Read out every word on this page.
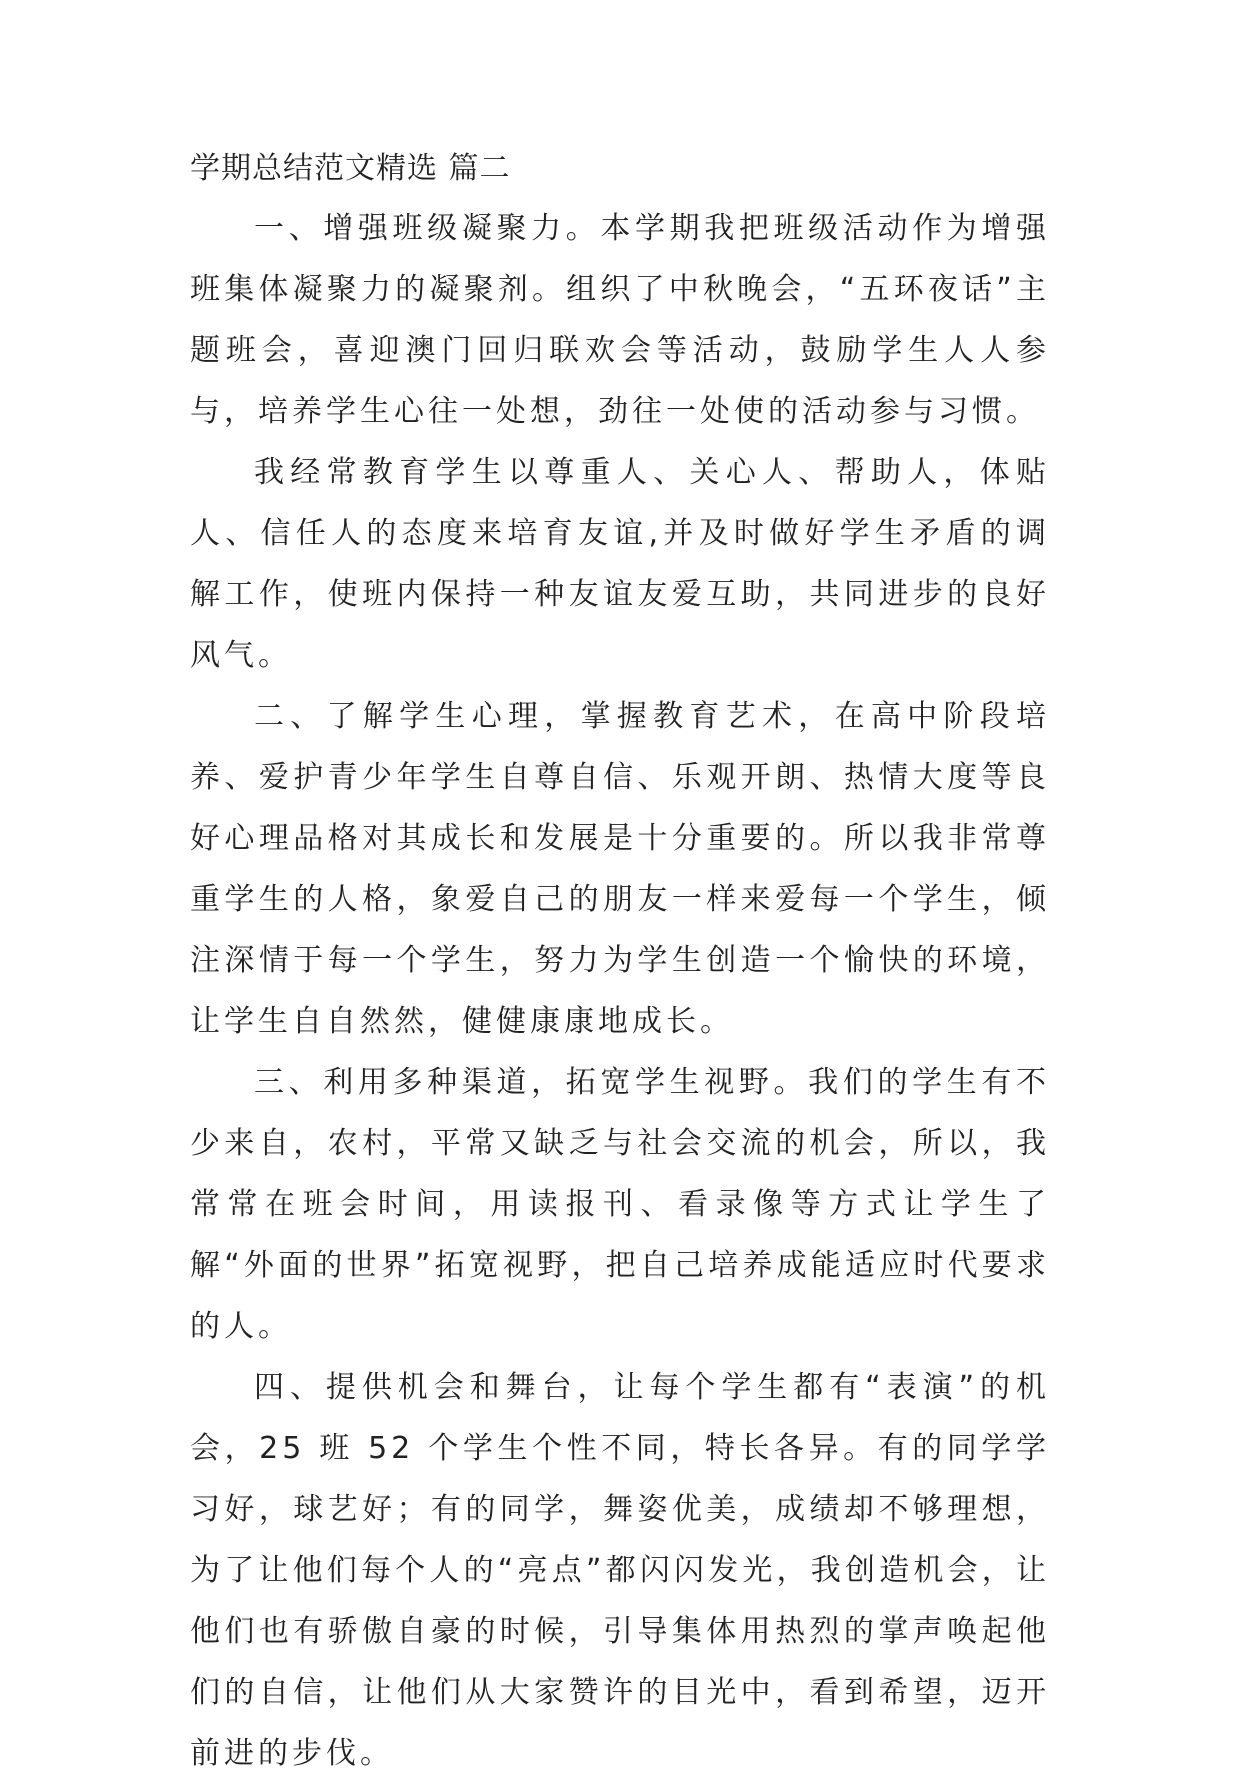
学期总结范文精选 篇二

一、增强班级凝聚力。本学期我把班级活动作为增强班集体凝聚力的凝聚剂。组织了中秋晚会，“五环夜话”主题班会，喜迎澳门回归联欢会等活动，鼓励学生人人参与，培养学生心往一处想，劲往一处使的活动参与习惯。

我经常教育学生以尊重人、关心人、帮助人，体贴人、信任人的态度来培育友谊,并及时做好学生矛盾的调解工作，使班内保持一种友谊友爱互助，共同进步的良好风气。

二、了解学生心理，掌握教育艺术，在高中阶段培养、爱护青少年学生自尊自信、乐观开朗、热情大度等良好心理品格对其成长和发展是十分重要的。所以我非常尊重学生的人格，象爱自己的朋友一样来爱每一个学生，倾注深情于每一个学生，努力为学生创造一个愉快的环境，让学生自自然然，健健康康地成长。

三、利用多种渠道，拓宽学生视野。我们的学生有不少来自，农村，平常又缺乏与社会交流的机会，所以，我常常在班会时间，用读报刊、看录像等方式让学生了解“外面的世界”拓宽视野，把自己培养成能适应时代要求的人。

四、提供机会和舞台，让每个学生都有“表演”的机会，25 班 52 个学生个性不同，特长各异。有的同学学习好，球艺好；有的同学，舞姿优美，成绩却不够理想，为了让他们每个人的“亮点”都闪闪发光，我创造机会，让他们也有骄傲自豪的时候，引导集体用热烈的掌声唤起他们的自信，让他们从大家赞许的目光中，看到希望，迈开前进的步伐。
